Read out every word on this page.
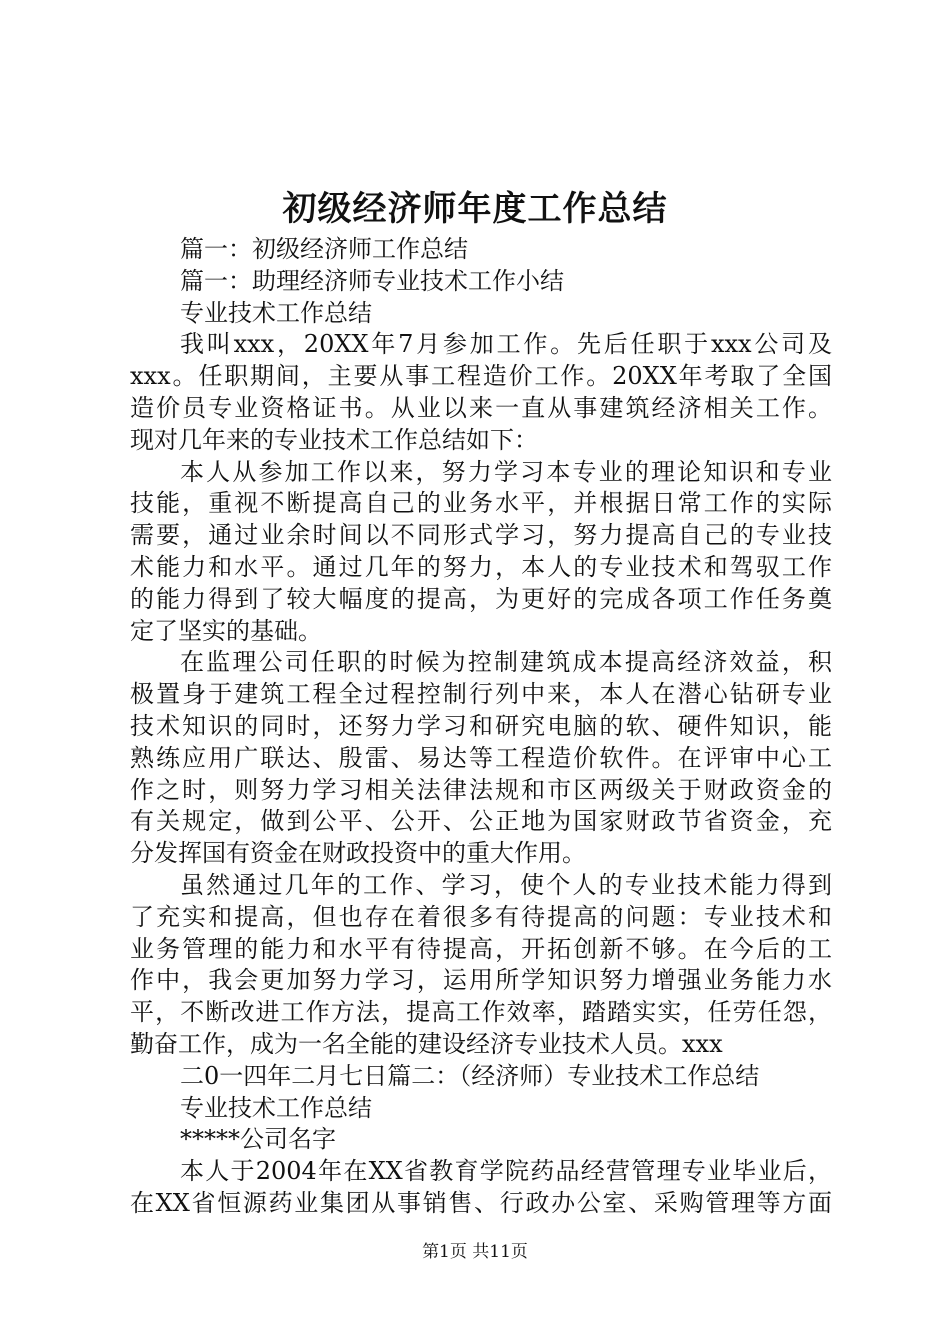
初级经济师年度工作总结
篇一：初级经济师工作总结
篇一：助理经济师专业技术工作小结
专业技术工作总结
我叫xxx，20XX年7月参加工作。先后任职于xxx公司及
xxx。任职期间，主要从事工程造价工作。20XX年考取了全国
造价员专业资格证书。从业以来一直从事建筑经济相关工作。
现对几年来的专业技术工作总结如下：
本人从参加工作以来，努力学习本专业的理论知识和专业
技能，重视不断提高自己的业务水平，并根据日常工作的实际
需要，通过业余时间以不同形式学习，努力提高自己的专业技
术能力和水平。通过几年的努力，本人的专业技术和驾驭工作
的能力得到了较大幅度的提高，为更好的完成各项工作任务奠
定了坚实的基础。
在监理公司任职的时候为控制建筑成本提高经济效益，积
极置身于建筑工程全过程控制行列中来，本人在潜心钻研专业
技术知识的同时，还努力学习和研究电脑的软、硬件知识，能
熟练应用广联达、殷雷、易达等工程造价软件。在评审中心工
作之时，则努力学习相关法律法规和市区两级关于财政资金的
有关规定，做到公平、公开、公正地为国家财政节省资金，充
分发挥国有资金在财政投资中的重大作用。
虽然通过几年的工作、学习，使个人的专业技术能力得到
了充实和提高，但也存在着很多有待提高的问题：专业技术和
业务管理的能力和水平有待提高，开拓创新不够。在今后的工
作中，我会更加努力学习，运用所学知识努力增强业务能力水
平，不断改进工作方法，提高工作效率，踏踏实实，任劳任怨，
勤奋工作，成为一名全能的建设经济专业技术人员。xxx
二0一四年二月七日篇二：（经济师）专业技术工作总结
专业技术工作总结
*****公司名字
本人于2004年在XX省教育学院药品经营管理专业毕业后，
在XX省恒源药业集团从事销售、行政办公室、采购管理等方面
第1页 共11页
